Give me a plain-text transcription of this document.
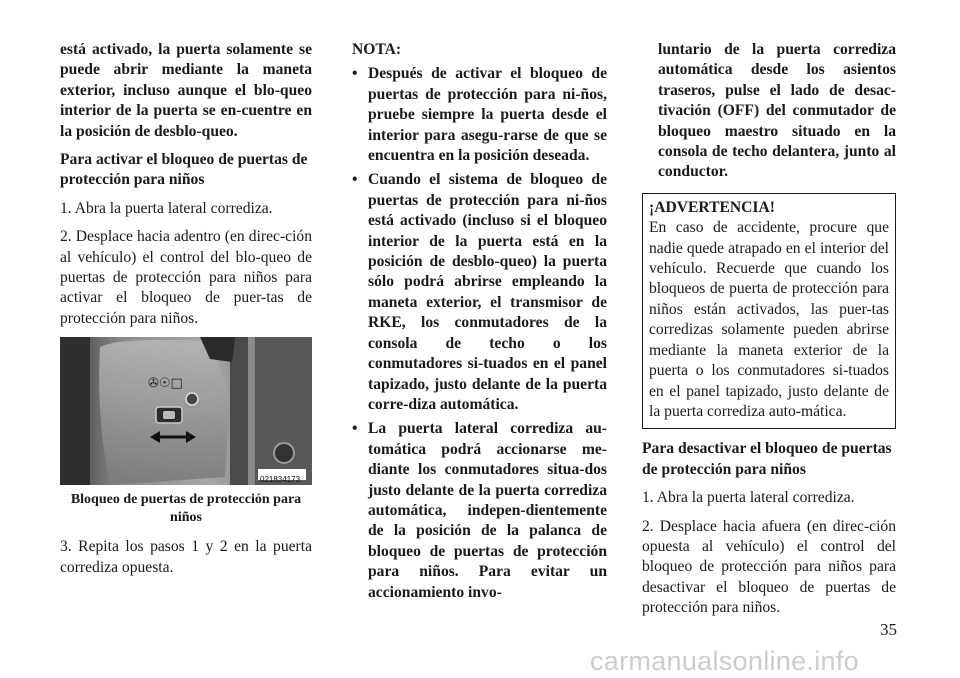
está activado, la puerta solamente se puede abrir mediante la maneta exterior, incluso aunque el blo-queo interior de la puerta se en-cuentre en la posición de desblo-queo.

Para activar el bloqueo de puertas de protección para niños

1. Abra la puerta lateral corrediza.

2. Desplace hacia adentro (en direc-ción al vehículo) el control del blo-queo de puertas de protección para niños para activar el bloqueo de puer-tas de protección para niños.

✇☉□
021834173

Bloqueo de puertas de protección para niños

3. Repita los pasos 1 y 2 en la puerta corrediza opuesta.

NOTA:

• Después de activar el bloqueo de puertas de protección para ni-ños, pruebe siempre la puerta desde el interior para asegu-rarse de que se encuentra en la posición deseada.
• Cuando el sistema de bloqueo de puertas de protección para ni-ños está activado (incluso si el bloqueo interior de la puerta está en la posición de desblo-queo) la puerta sólo podrá abrirse empleando la maneta exterior, el transmisor de RKE, los conmutadores de la consola de techo o los conmutadores si-tuados en el panel tapizado, justo delante de la puerta corre-diza automática.
• La puerta lateral corrediza au-tomática podrá accionarse me-diante los conmutadores situa-dos justo delante de la puerta corrediza automática, indepen-dientemente de la posición de la palanca de bloqueo de puertas de protección para niños. Para evitar un accionamiento invo-

luntario de la puerta corrediza automática desde los asientos traseros, pulse el lado de desac-tivación (OFF) del conmutador de bloqueo maestro situado en la consola de techo delantera, junto al conductor.

¡ADVERTENCIA!
En caso de accidente, procure que nadie quede atrapado en el interior del vehículo. Recuerde que cuando los bloqueos de puerta de protección para niños están activados, las puer-tas corredizas solamente pueden abrirse mediante la maneta exterior de la puerta o los conmutadores si-tuados en el panel tapizado, justo delante de la puerta corrediza auto-mática.

Para desactivar el bloqueo de puertas de protección para niños

1. Abra la puerta lateral corrediza.

2. Desplace hacia afuera (en direc-ción opuesta al vehículo) el control del bloqueo de protección para niños para desactivar el bloqueo de puertas de protección para niños.

35
carmanualsonline.info
